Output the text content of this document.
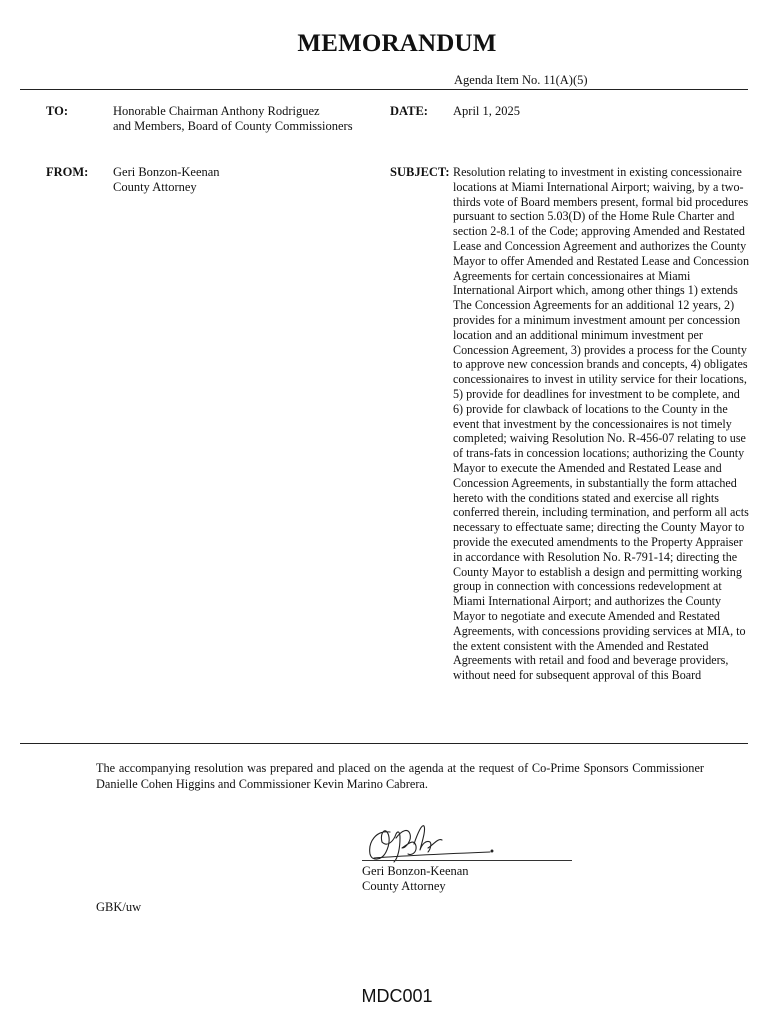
MEMORANDUM
Agenda Item No. 11(A)(5)
TO:	Honorable Chairman Anthony Rodriguez
and Members, Board of County Commissioners
DATE: April 1, 2025
FROM: Geri Bonzon-Keenan
County Attorney
SUBJECT: Resolution relating to investment in existing concessionaire locations at Miami International Airport; waiving, by a two-thirds vote of Board members present, formal bid procedures pursuant to section 5.03(D) of the Home Rule Charter and section 2-8.1 of the Code; approving Amended and Restated Lease and Concession Agreement and authorizes the County Mayor to offer Amended and Restated Lease and Concession Agreements for certain concessionaires at Miami International Airport which, among other things 1) extends The Concession Agreements for an additional 12 years, 2) provides for a minimum investment amount per concession location and an additional minimum investment per Concession Agreement, 3) provides a process for the County to approve new concession brands and concepts, 4) obligates concessionaires to invest in utility service for their locations, 5) provide for deadlines for investment to be complete, and 6) provide for clawback of locations to the County in the event that investment by the concessionaires is not timely completed; waiving Resolution No. R-456-07 relating to use of trans-fats in concession locations; authorizing the County Mayor to execute the Amended and Restated Lease and Concession Agreements, in substantially the form attached hereto with the conditions stated and exercise all rights conferred therein, including termination, and perform all acts necessary to effectuate same; directing the County Mayor to provide the executed amendments to the Property Appraiser in accordance with Resolution No. R-791-14; directing the County Mayor to establish a design and permitting working group in connection with concessions redevelopment at Miami International Airport; and authorizes the County Mayor to negotiate and execute Amended and Restated Agreements, with concessions providing services at MIA, to the extent consistent with the Amended and Restated Agreements with retail and food and beverage providers, without need for subsequent approval of this Board
The accompanying resolution was prepared and placed on the agenda at the request of Co-Prime Sponsors Commissioner Danielle Cohen Higgins and Commissioner Kevin Marino Cabrera.
Geri Bonzon-Keenan
County Attorney
GBK/uw
MDC001
